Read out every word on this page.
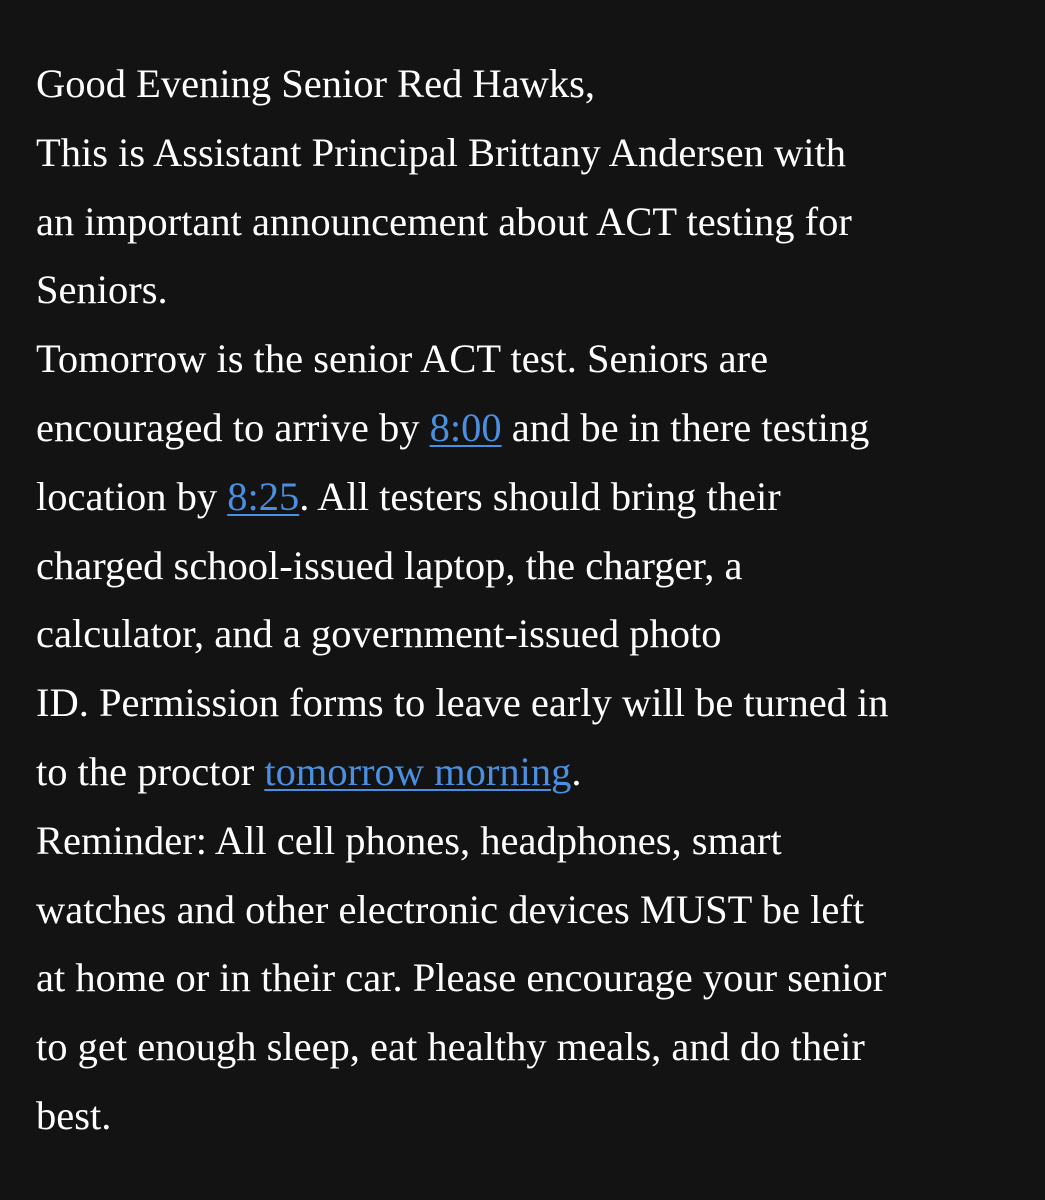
Good Evening Senior Red Hawks,
This is Assistant Principal Brittany Andersen with
an important announcement about ACT testing for
Seniors.
Tomorrow is the senior ACT test. Seniors are
encouraged to arrive by 8:00 and be in there testing
location by 8:25. All testers should bring their
charged school-issued laptop, the charger, a
calculator, and a government-issued photo
ID. Permission forms to leave early will be turned in
to the proctor tomorrow morning.
Reminder: All cell phones, headphones, smart
watches and other electronic devices MUST be left
at home or in their car. Please encourage your senior
to get enough sleep, eat healthy meals, and do their
best.
